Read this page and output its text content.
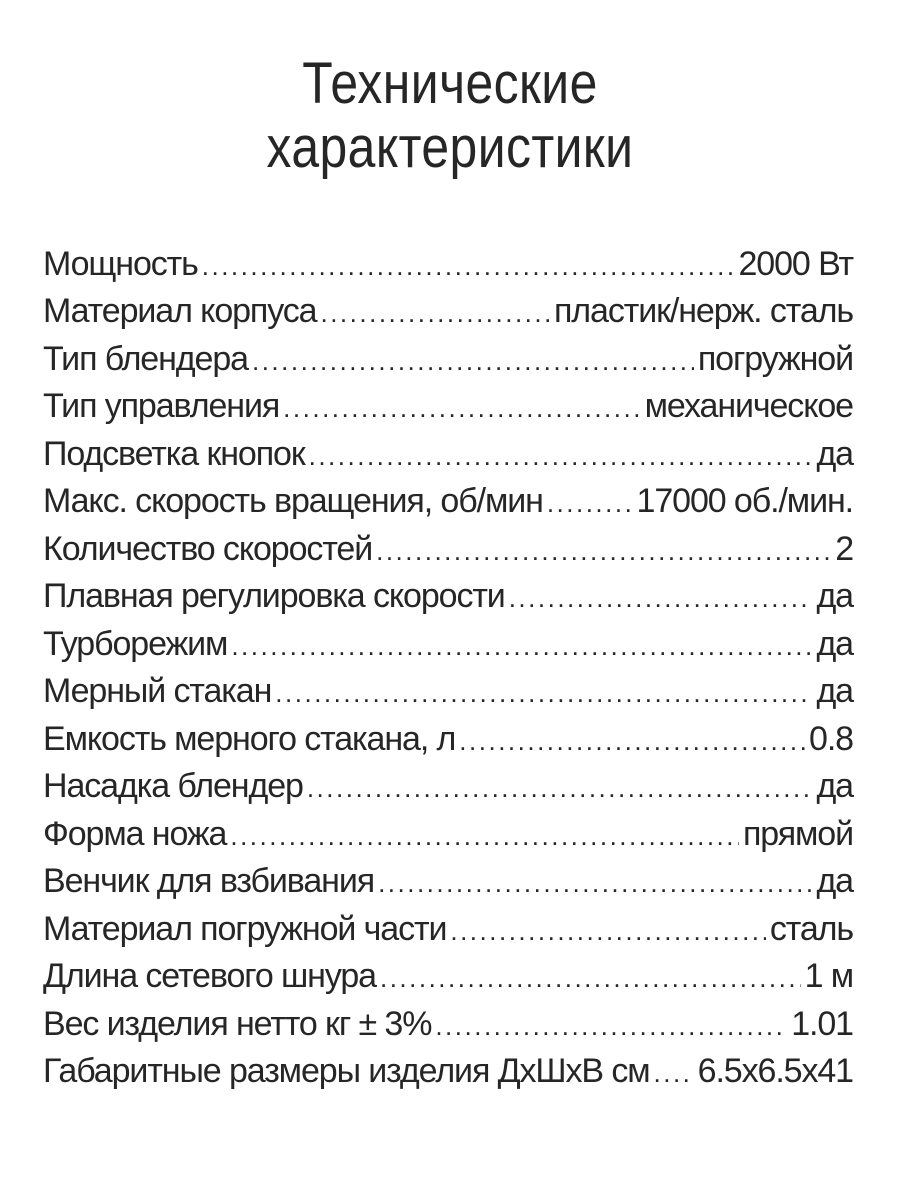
Технические
характеристики
Мощность .....	2000 Вт
Материал корпуса .....	пластик/нерж. сталь
Тип блендера .....	погружной
Тип управления .....	механическое
Подсветка кнопок .....	да
Макс. скорость вращения, об/мин .....	17000 об./мин.
Количество скоростей .....	2
Плавная регулировка скорости .....	да
Турборежим .....	да
Мерный стакан .....	да
Емкость мерного стакана, л .....	0.8
Насадка блендер .....	да
Форма ножа .....	прямой
Венчик для взбивания .....	да
Материал погружной части .....	сталь
Длина сетевого шнура .....	1 м
Вес изделия нетто кг ± 3% .....	1.01
Габаритные размеры изделия ДхШхВ см ..... 6.5х6.5х41
